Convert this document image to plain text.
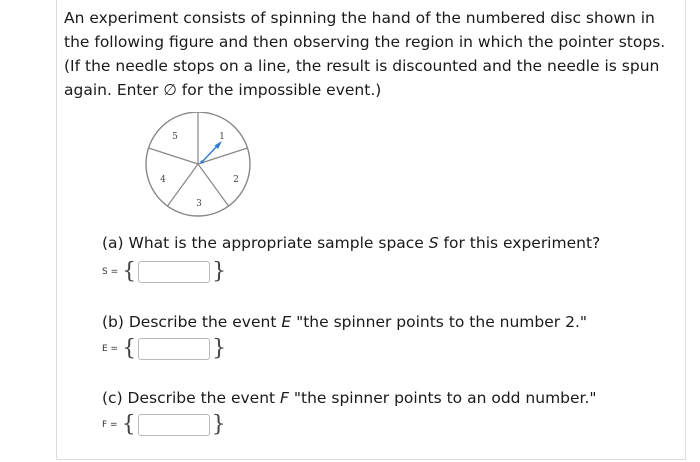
An experiment consists of spinning the hand of the numbered disc shown in the following figure and then observing the region in which the pointer stops. (If the needle stops on a line, the result is discounted and the needle is spun again. Enter ∅ for the impossible event.)

1
2
3
4
5

(a) What is the appropriate sample space S for this experiment?

S = {	}

(b) Describe the event E "the spinner points to the number 2."

E = {	}

(c) Describe the event F "the spinner points to an odd number."

F = {	}
